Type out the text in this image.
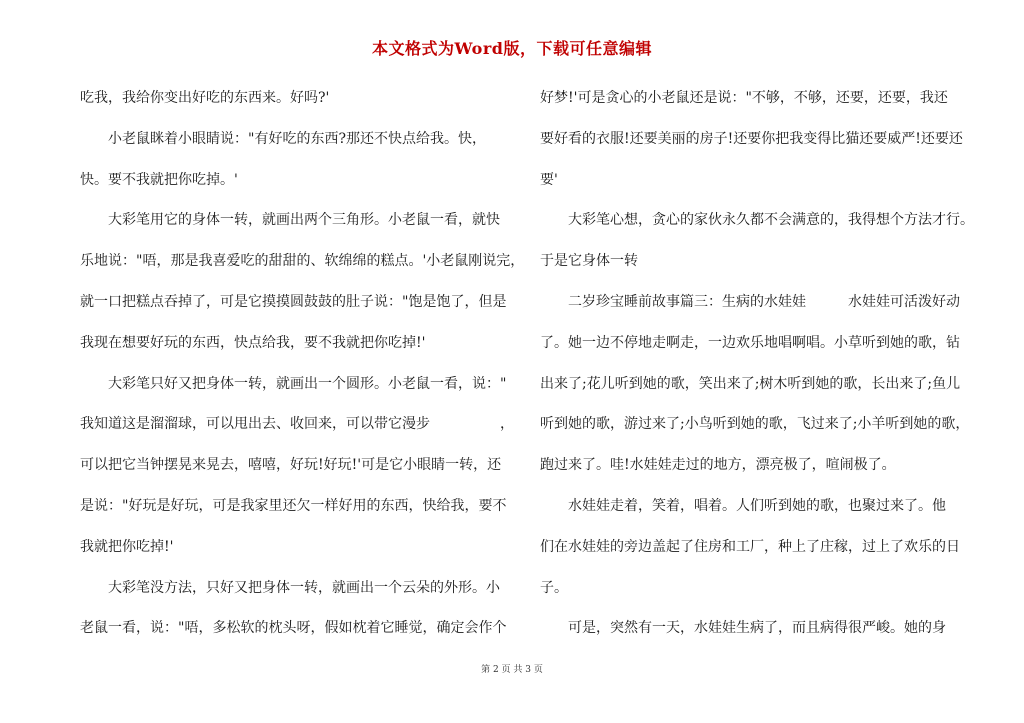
本文格式为Word版，下载可任意编辑
吃我，我给你变出好吃的东西来。好吗?'
　　小老鼠眯着小眼睛说："有好吃的东西?那还不快点给我。快，
快。要不我就把你吃掉。'
　　大彩笔用它的身体一转，就画出两个三角形。小老鼠一看，就快
乐地说："唔，那是我喜爱吃的甜甜的、软绵绵的糕点。'小老鼠刚说完，
就一口把糕点吞掉了，可是它摸摸圆鼓鼓的肚子说："饱是饱了，但是
我现在想要好玩的东西，快点给我，要不我就把你吃掉!'
　　大彩笔只好又把身体一转，就画出一个圆形。小老鼠一看，说："
我知道这是溜溜球，可以甩出去、收回来，可以带它漫步　　　　　，
可以把它当钟摆晃来晃去，嘻嘻，好玩!好玩!'可是它小眼睛一转，还
是说："好玩是好玩，可是我家里还欠一样好用的东西，快给我，要不
我就把你吃掉!'
　　大彩笔没方法，只好又把身体一转，就画出一个云朵的外形。小
老鼠一看，说："唔，多松软的枕头呀，假如枕着它睡觉，确定会作个
好梦!'可是贪心的小老鼠还是说："不够，不够，还要，还要，我还
要好看的衣服!还要美丽的房子!还要你把我变得比猫还要威严!还要还
要'
　　大彩笔心想，贪心的家伙永久都不会满意的，我得想个方法才行。
于是它身体一转
　　二岁珍宝睡前故事篇三：生病的水娃娃　　　水娃娃可活泼好动
了。她一边不停地走啊走，一边欢乐地唱啊唱。小草听到她的歌，钻
出来了;花儿听到她的歌，笑出来了;树木听到她的歌，长出来了;鱼儿
听到她的歌，游过来了;小鸟听到她的歌，飞过来了;小羊听到她的歌，
跑过来了。哇!水娃娃走过的地方，漂亮极了，喧闹极了。
　　水娃娃走着，笑着，唱着。人们听到她的歌，也聚过来了。他
们在水娃娃的旁边盖起了住房和工厂，种上了庄稼，过上了欢乐的日
子。
　　可是，突然有一天，水娃娃生病了，而且病得很严峻。她的身
第 2 页 共 3 页
